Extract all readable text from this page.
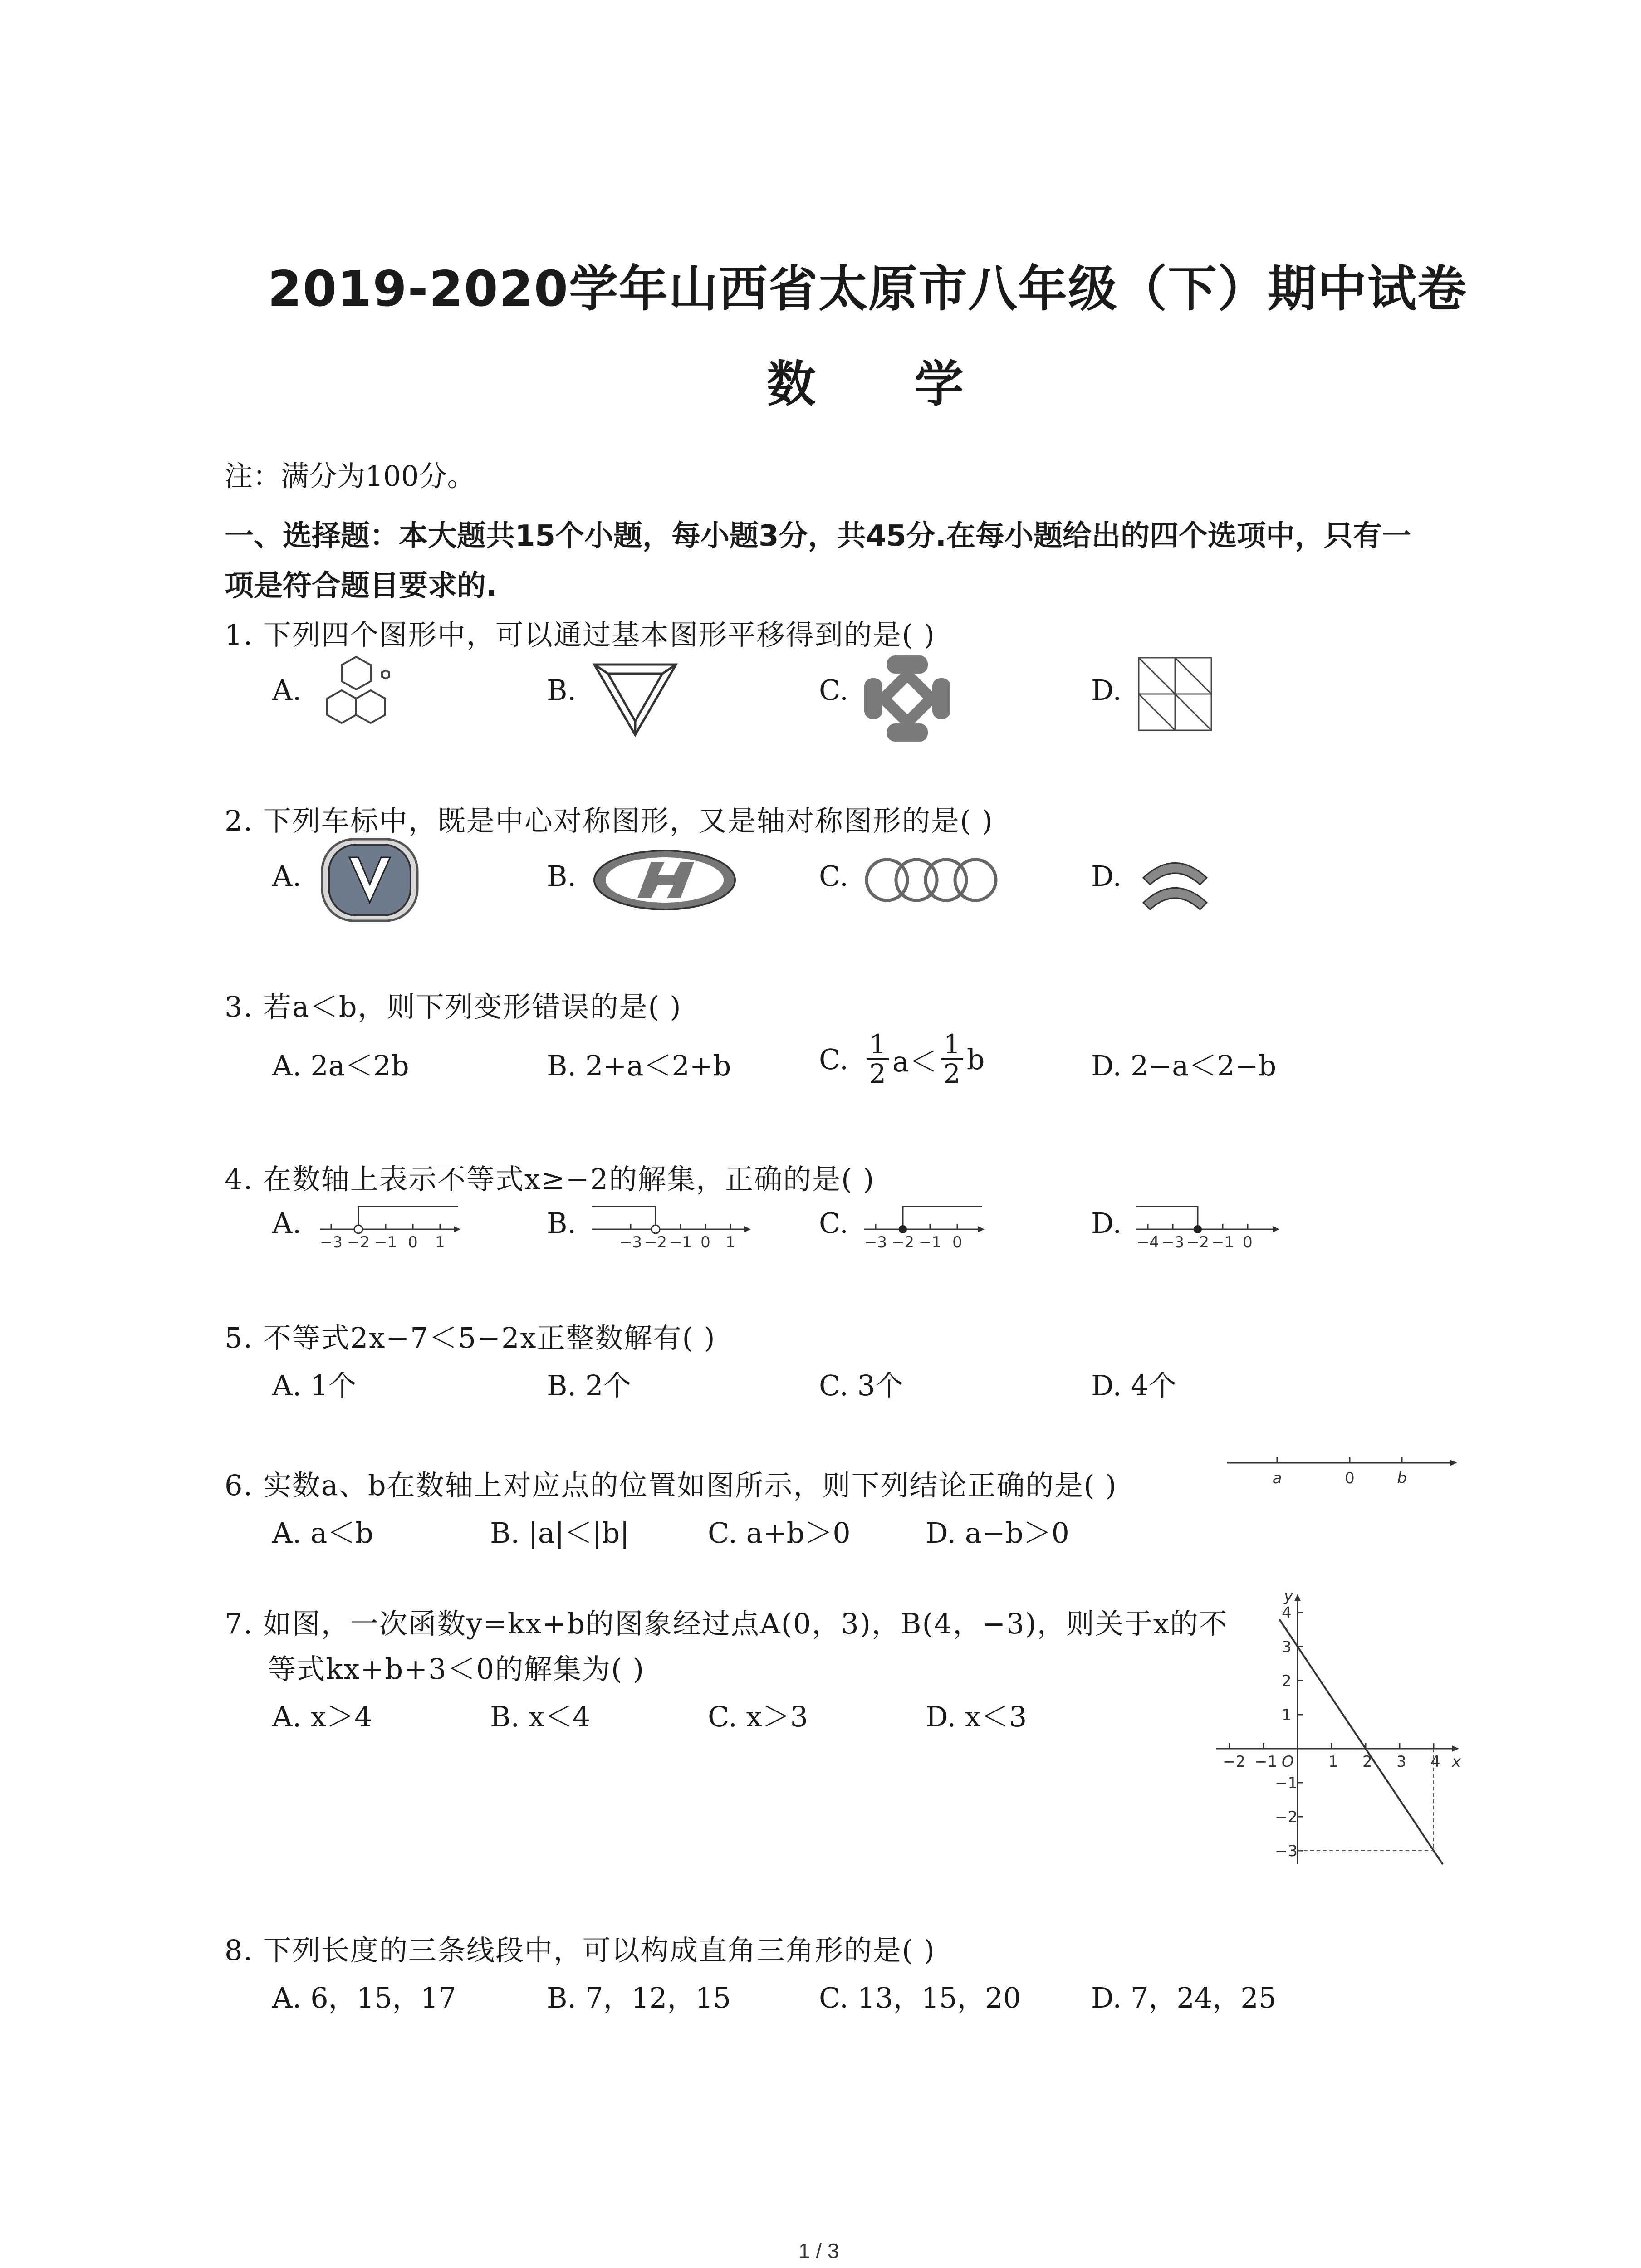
2019-2020学年山西省太原市八年级（下）期中试卷
数 学
注：满分为100分。
一、选择题：本大题共15个小题，每小题3分，共45分.在每小题给出的四个选项中，只有一
项是符合题目要求的.
1. 下列四个图形中，可以通过基本图形平移得到的是( )
A.	B.	C.	D.
2. 下列车标中，既是中心对称图形，又是轴对称图形的是( )
A.	B.	C.	D.
3. 若a＜b，则下列变形错误的是( )
A. 2a＜2b	B. 2+a＜2+b	C. $\frac{1}{2} a< \frac{1}{2}$ b	D. 2−a＜2−b
4. 在数轴上表示不等式x≥−2的解集，正确的是( )
A.	B.	C.	D.
−3 −2 −1 0 1	−3 −2 −1 0 1	−3 −2 −1 0	−4 −3 −2 −1 0
5. 不等式2x−7＜5−2x正整数解有( )
A. 1个	B. 2个	C. 3个	D. 4个
6. 实数a、b在数轴上对应点的位置如图所示，则下列结论正确的是( )
A. a＜b	B. |a|＜|b|	C. a+b＞0	D. a−b＞0
a	0	b
7. 如图，一次函数y=kx+b的图象经过点A(0，3)，B(4，−3)，则关于x的不
等式kx+b+3＜0的解集为( )
A. x＞4	B. x＜4	C. x＞3	D. x＜3
−2 −1	1 2 3 4 x
O
4
3
2
1
−1
−2
−3
y
8. 下列长度的三条线段中，可以构成直角三角形的是( )
A. 6，15，17	B. 7，12，15	C. 13，15，20 D. 7，24，25
1 / 3
